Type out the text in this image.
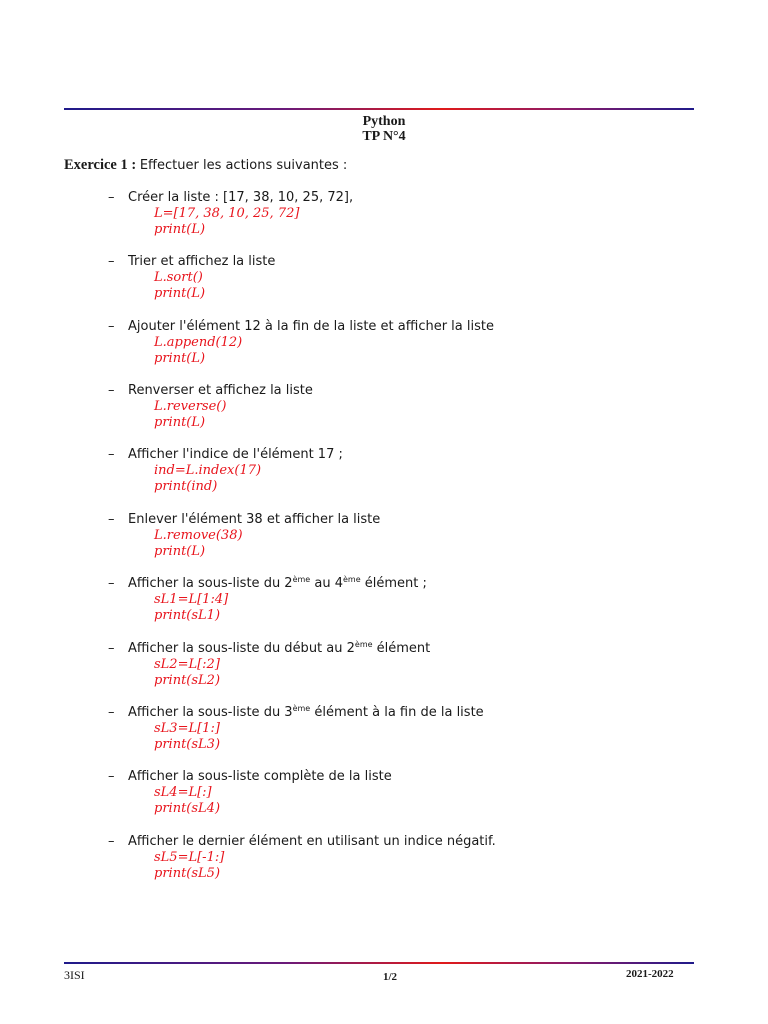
Python
TP N°4
Exercice 1 : Effectuer les actions suivantes :
– Créer la liste : [17, 38, 10, 25, 72],
L=[17, 38, 10, 25, 72]
print(L)
– Trier et affichez la liste
L.sort()
print(L)
– Ajouter l'élément 12 à la fin de la liste et afficher la liste
L.append(12)
print(L)
– Renverser et affichez la liste
L.reverse()
print(L)
– Afficher l'indice de l'élément 17 ;
ind=L.index(17)
print(ind)
– Enlever l'élément 38 et afficher la liste
L.remove(38)
print(L)
– Afficher la sous-liste du 2ème au 4ème élément ;
sL1=L[1:4]
print(sL1)
– Afficher la sous-liste du début au 2ème élément
sL2=L[:2]
print(sL2)
– Afficher la sous-liste du 3ème élément à la fin de la liste
sL3=L[1:]
print(sL3)
– Afficher la sous-liste complète de la liste
sL4=L[:]
print(sL4)
– Afficher le dernier élément en utilisant un indice négatif.
sL5=L[-1:]
print(sL5)
3ISI	1/2	2021-2022
